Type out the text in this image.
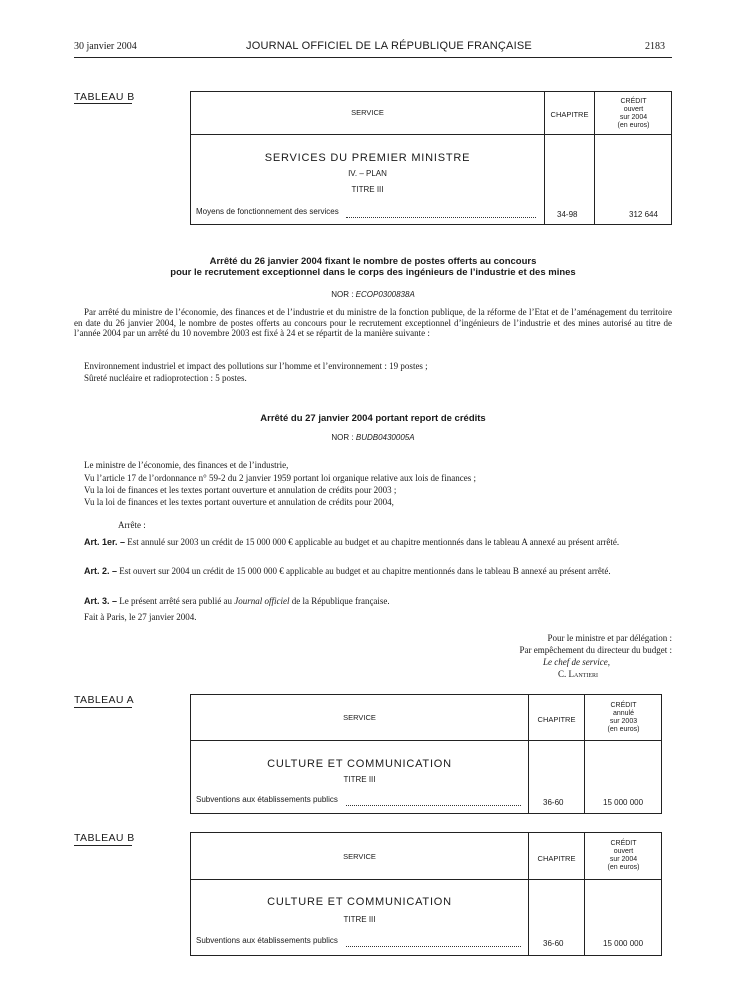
30 janvier 2004	JOURNAL OFFICIEL DE LA RÉPUBLIQUE FRANÇAISE	2183
TABLEAU B
SERVICE	CHAPITRE
CRÉDIT
ouvert
sur 2004
(en euros)
SERVICES DU PREMIER MINISTRE
IV. – PLAN
TITRE III
Moyens de fonctionnement des services	34-98	312 644
Arrêté du 26 janvier 2004 fixant le nombre de postes offerts au concours
pour le recrutement exceptionnel dans le corps des ingénieurs de l’industrie et des mines
NOR : ECOP0300838A
Par arrêté du ministre de l’économie, des finances et de l’industrie et du ministre de la fonction publique, de la réforme de l’Etat et de l’aménagement du territoire en date du 26 janvier 2004, le nombre de postes offerts au concours pour le recrutement exceptionnel d’ingénieurs de l’industrie et des mines autorisé au titre de l’année 2004 par un arrêté du 10 novembre 2003 est fixé à 24 et se répartit de la manière suivante :
Environnement industriel et impact des pollutions sur l’homme et l’environnement : 19 postes ;
Sûreté nucléaire et radioprotection : 5 postes.
Arrêté du 27 janvier 2004 portant report de crédits
NOR : BUDB0430005A
Le ministre de l’économie, des finances et de l’industrie,
Vu l’article 17 de l’ordonnance n° 59-2 du 2 janvier 1959 portant loi organique relative aux lois de finances ;
Vu la loi de finances et les textes portant ouverture et annulation de crédits pour 2003 ;
Vu la loi de finances et les textes portant ouverture et annulation de crédits pour 2004,
Arrête :
Art. 1er. – Est annulé sur 2003 un crédit de 15 000 000 € applicable au budget et au chapitre mentionnés dans le tableau A annexé au présent arrêté.
Art. 2. – Est ouvert sur 2004 un crédit de 15 000 000 € applicable au budget et au chapitre mentionnés dans le tableau B annexé au présent arrêté.
Art. 3. – Le présent arrêté sera publié au Journal officiel de la République française.
Fait à Paris, le 27 janvier 2004.
Pour le ministre et par délégation :
Par empêchement du directeur du budget :
Le chef de service,
C. Lantieri
TABLEAU A
SERVICE	CHAPITRE
CRÉDIT
annulé
sur 2003
(en euros)
CULTURE ET COMMUNICATION
TITRE III
Subventions aux établissements publics	36-60	15 000 000
TABLEAU B
SERVICE	CHAPITRE
CRÉDIT
ouvert
sur 2004
(en euros)
CULTURE ET COMMUNICATION
TITRE III
Subventions aux établissements publics	36-60	15 000 000
